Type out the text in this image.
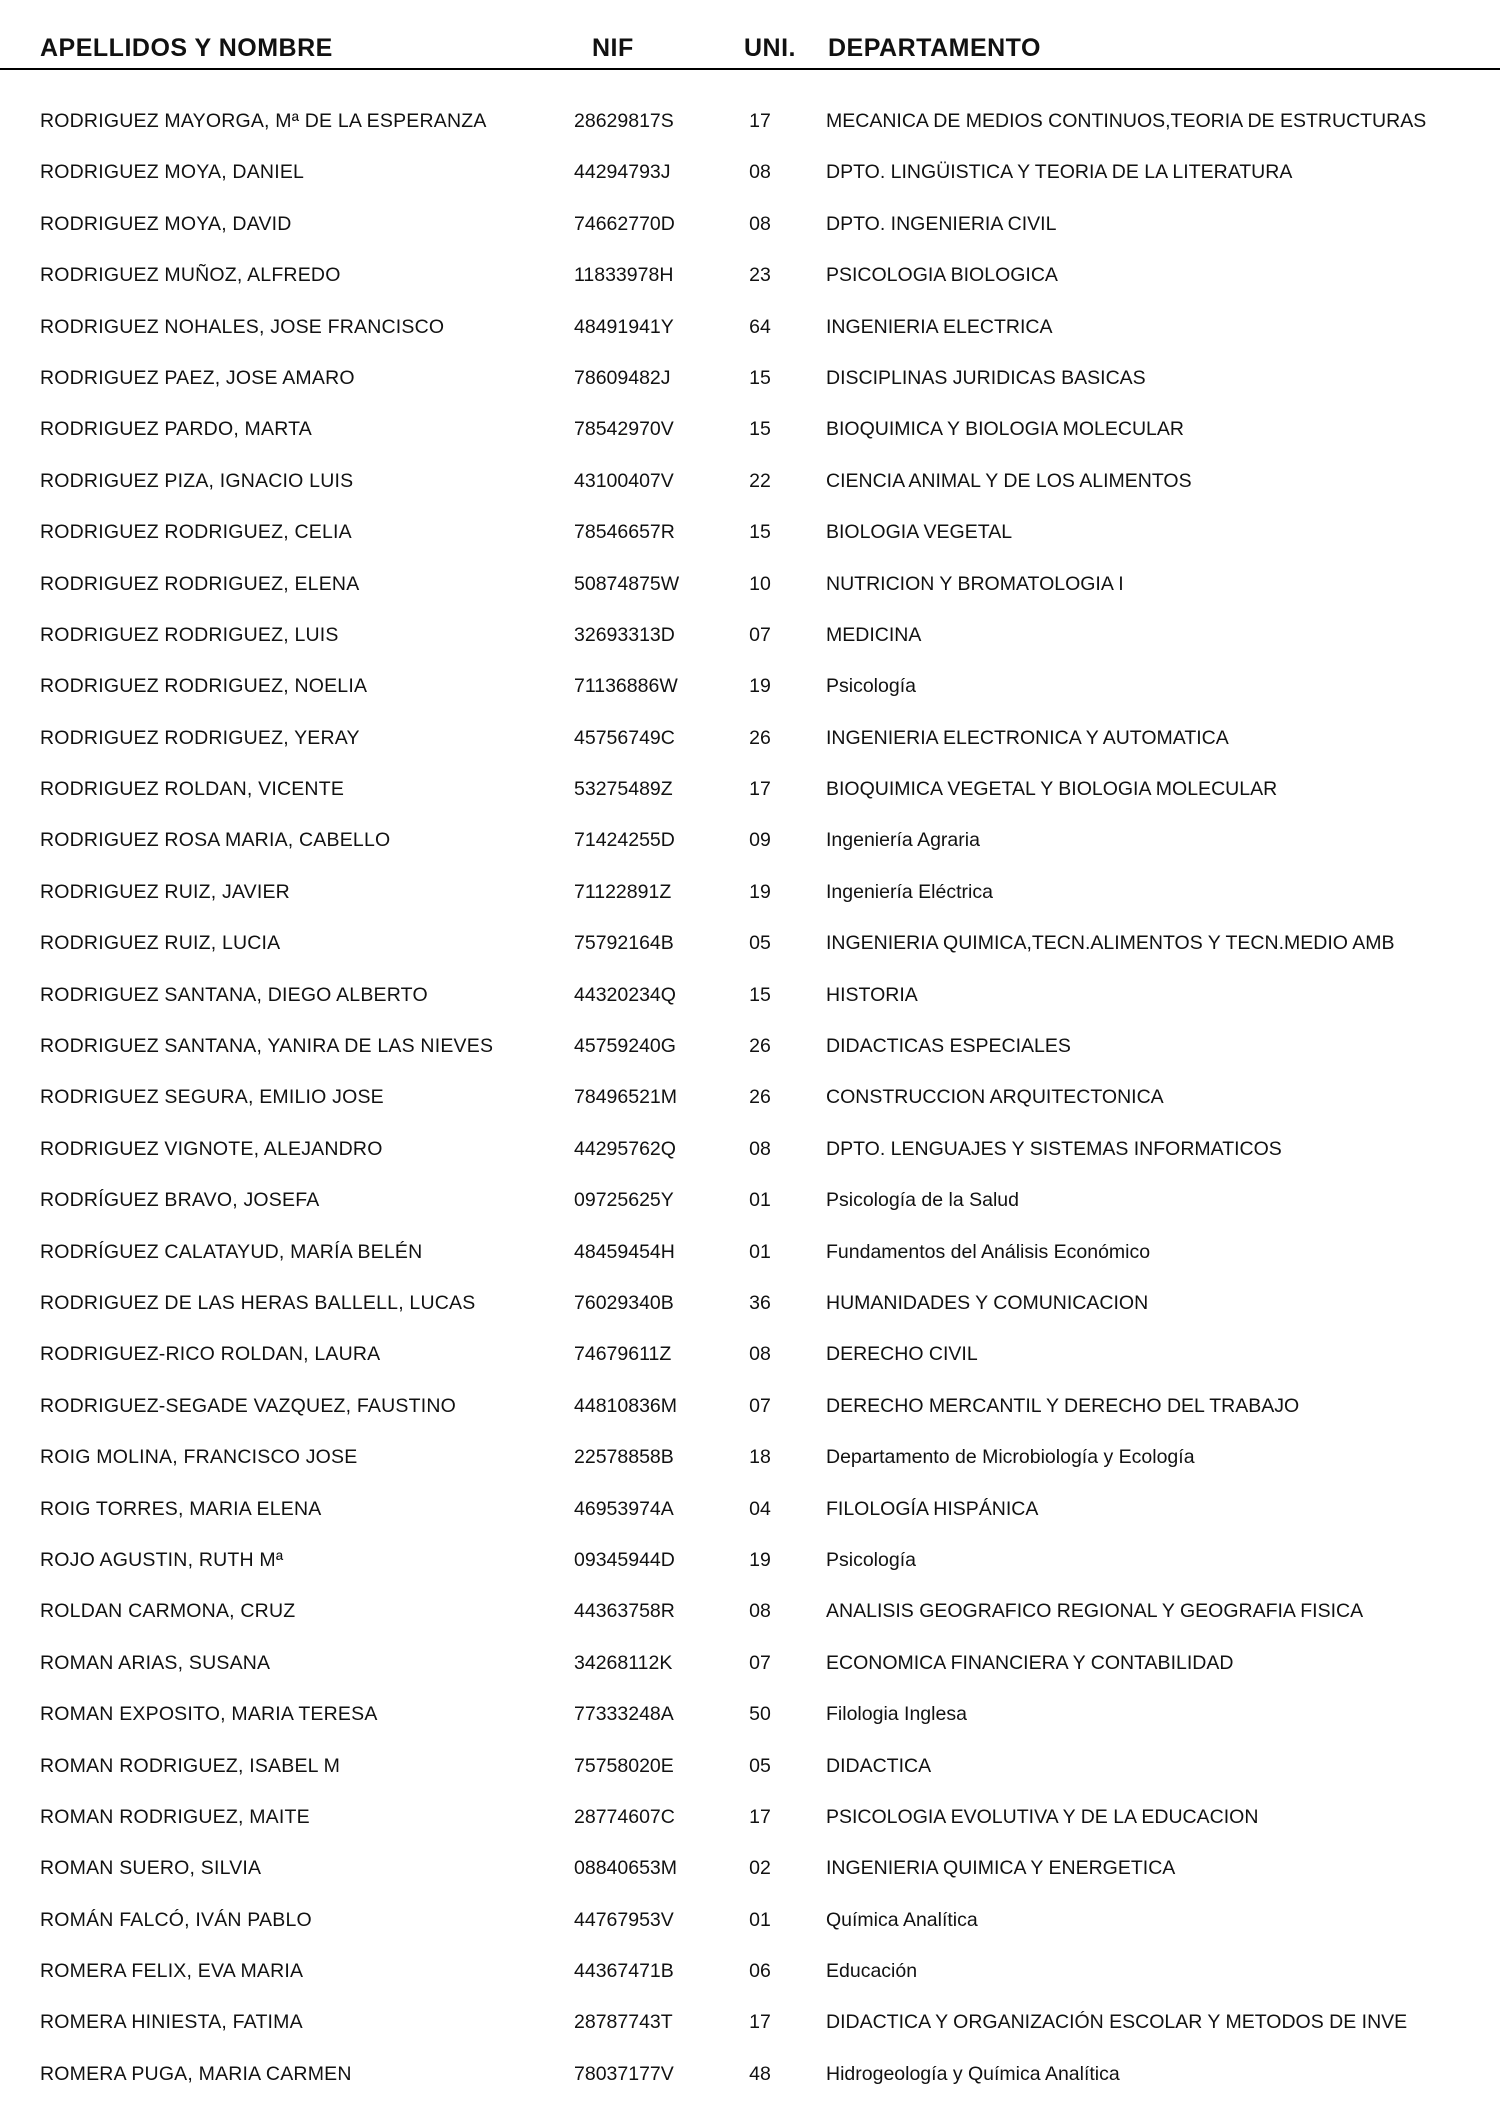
APELLIDOS Y NOMBRE	NIF	UNI. DEPARTAMENTO
RODRIGUEZ MAYORGA, Mª DE LA ESPERANZA	28629817S	17	MECANICA DE MEDIOS CONTINUOS,TEORIA DE ESTRUCTURAS
RODRIGUEZ MOYA, DANIEL	44294793J	08	DPTO. LINGÜISTICA Y TEORIA DE LA LITERATURA
RODRIGUEZ MOYA, DAVID	74662770D	08	DPTO. INGENIERIA CIVIL
RODRIGUEZ MUÑOZ, ALFREDO	11833978H	23	PSICOLOGIA BIOLOGICA
RODRIGUEZ NOHALES, JOSE FRANCISCO	48491941Y	64	INGENIERIA ELECTRICA
RODRIGUEZ PAEZ, JOSE AMARO	78609482J	15	DISCIPLINAS JURIDICAS BASICAS
RODRIGUEZ PARDO, MARTA	78542970V	15	BIOQUIMICA Y BIOLOGIA MOLECULAR
RODRIGUEZ PIZA, IGNACIO LUIS	43100407V	22	CIENCIA ANIMAL Y DE LOS ALIMENTOS
RODRIGUEZ RODRIGUEZ, CELIA	78546657R	15	BIOLOGIA VEGETAL
RODRIGUEZ RODRIGUEZ, ELENA	50874875W	10	NUTRICION Y BROMATOLOGIA I
RODRIGUEZ RODRIGUEZ, LUIS	32693313D	07	MEDICINA
RODRIGUEZ RODRIGUEZ, NOELIA	71136886W	19	Psicología
RODRIGUEZ RODRIGUEZ, YERAY	45756749C	26	INGENIERIA ELECTRONICA Y AUTOMATICA
RODRIGUEZ ROLDAN, VICENTE	53275489Z	17	BIOQUIMICA VEGETAL Y BIOLOGIA MOLECULAR
RODRIGUEZ ROSA MARIA, CABELLO	71424255D	09	Ingeniería Agraria
RODRIGUEZ RUIZ, JAVIER	71122891Z	19	Ingeniería Eléctrica
RODRIGUEZ RUIZ, LUCIA	75792164B	05	INGENIERIA QUIMICA,TECN.ALIMENTOS Y TECN.MEDIO AMB
RODRIGUEZ SANTANA, DIEGO ALBERTO	44320234Q	15	HISTORIA
RODRIGUEZ SANTANA, YANIRA DE LAS NIEVES	45759240G	26	DIDACTICAS ESPECIALES
RODRIGUEZ SEGURA, EMILIO JOSE	78496521M	26	CONSTRUCCION ARQUITECTONICA
RODRIGUEZ VIGNOTE, ALEJANDRO	44295762Q	08	DPTO. LENGUAJES Y SISTEMAS INFORMATICOS
RODRÍGUEZ BRAVO, JOSEFA	09725625Y	01	Psicología de la Salud
RODRÍGUEZ CALATAYUD, MARÍA BELÉN	48459454H	01	Fundamentos del Análisis Económico
RODRIGUEZ DE LAS HERAS BALLELL, LUCAS	76029340B	36	HUMANIDADES Y COMUNICACION
RODRIGUEZ-RICO ROLDAN, LAURA	74679611Z	08	DERECHO CIVIL
RODRIGUEZ-SEGADE VAZQUEZ, FAUSTINO	44810836M	07	DERECHO MERCANTIL Y DERECHO DEL TRABAJO
ROIG MOLINA, FRANCISCO JOSE	22578858B	18	Departamento de Microbiología y Ecología
ROIG TORRES, MARIA ELENA	46953974A	04	FILOLOGÍA HISPÁNICA
ROJO AGUSTIN, RUTH Mª	09345944D	19	Psicología
ROLDAN CARMONA, CRUZ	44363758R	08	ANALISIS GEOGRAFICO REGIONAL Y GEOGRAFIA FISICA
ROMAN ARIAS, SUSANA	34268112K	07	ECONOMICA FINANCIERA Y CONTABILIDAD
ROMAN EXPOSITO, MARIA TERESA	77333248A	50	Filologia Inglesa
ROMAN RODRIGUEZ, ISABEL M	75758020E	05	DIDACTICA
ROMAN RODRIGUEZ, MAITE	28774607C	17	PSICOLOGIA EVOLUTIVA Y DE LA EDUCACION
ROMAN SUERO, SILVIA	08840653M	02	INGENIERIA QUIMICA Y ENERGETICA
ROMÁN FALCÓ, IVÁN PABLO	44767953V	01	Química Analítica
ROMERA FELIX, EVA MARIA	44367471B	06	Educación
ROMERA HINIESTA, FATIMA	28787743T	17	DIDACTICA Y ORGANIZACIÓN ESCOLAR Y METODOS DE INVE
ROMERA PUGA, MARIA CARMEN	78037177V	48	Hidrogeología y Química Analítica
